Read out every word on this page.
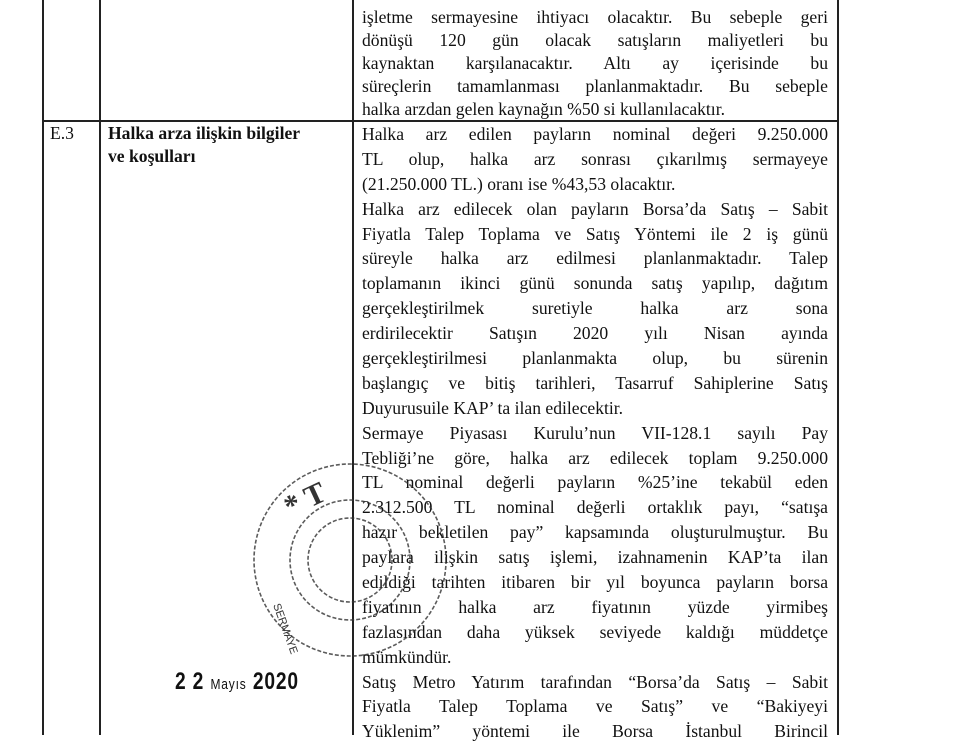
işletme sermayesine ihtiyacı olacaktır. Bu sebeple geri
dönüşü 120 gün olacak satışların maliyetleri bu
kaynaktan karşılanacaktır. Altı ay içerisinde bu
süreçlerin tamamlanması planlanmaktadır. Bu sebeple
halka arzdan gelen kaynağın %50 si kullanılacaktır.
E.3 Halka arza ilişkin bilgiler
ve koşulları
Halka arz edilen payların nominal değeri 9.250.000
TL olup, halka arz sonrası çıkarılmış sermayeye
(21.250.000 TL.) oranı ise %43,53 olacaktır.
Halka arz edilecek olan payların Borsa’da Satış – Sabit
Fiyatla Talep Toplama ve Satış Yöntemi ile 2 iş günü
süreyle halka arz edilmesi planlanmaktadır. Talep
toplamanın ikinci günü sonunda satış yapılıp, dağıtım
gerçekleştirilmek suretiyle halka arz sona
erdirilecektir Satışın 2020 yılı Nisan ayında
gerçekleştirilmesi planlanmakta olup, bu sürenin
başlangıç ve bitiş tarihleri, Tasarruf Sahiplerine Satış
Duyurusuile KAP’ ta ilan edilecektir.
Sermaye Piyasası Kurulu’nun VII-128.1 sayılı Pay
Tebliği’ne göre, halka arz edilecek toplam 9.250.000
TL nominal değerli payların %25’ine tekabül eden
2.312.500 TL nominal değerli ortaklık payı, “satışa
hazır bekletilen pay” kapsamında oluşturulmuştur. Bu
paylara ilişkin satış işlemi, izahnamenin KAP’ta ilan
edildiği tarihten itibaren bir yıl boyunca payların borsa
fiyatının halka arz fiyatının yüzde yirmibeş
fazlasından daha yüksek seviyede kaldığı müddetçe
mümkündür.
Satış Metro Yatırım tarafından “Borsa’da Satış – Sabit
Fiyatla Talep Toplama ve Satış” ve “Bakiyeyi
Yüklenim” yöntemi ile Borsa İstanbul Birincil
* T
SERMAYE
2 2 Mayıs 2020
